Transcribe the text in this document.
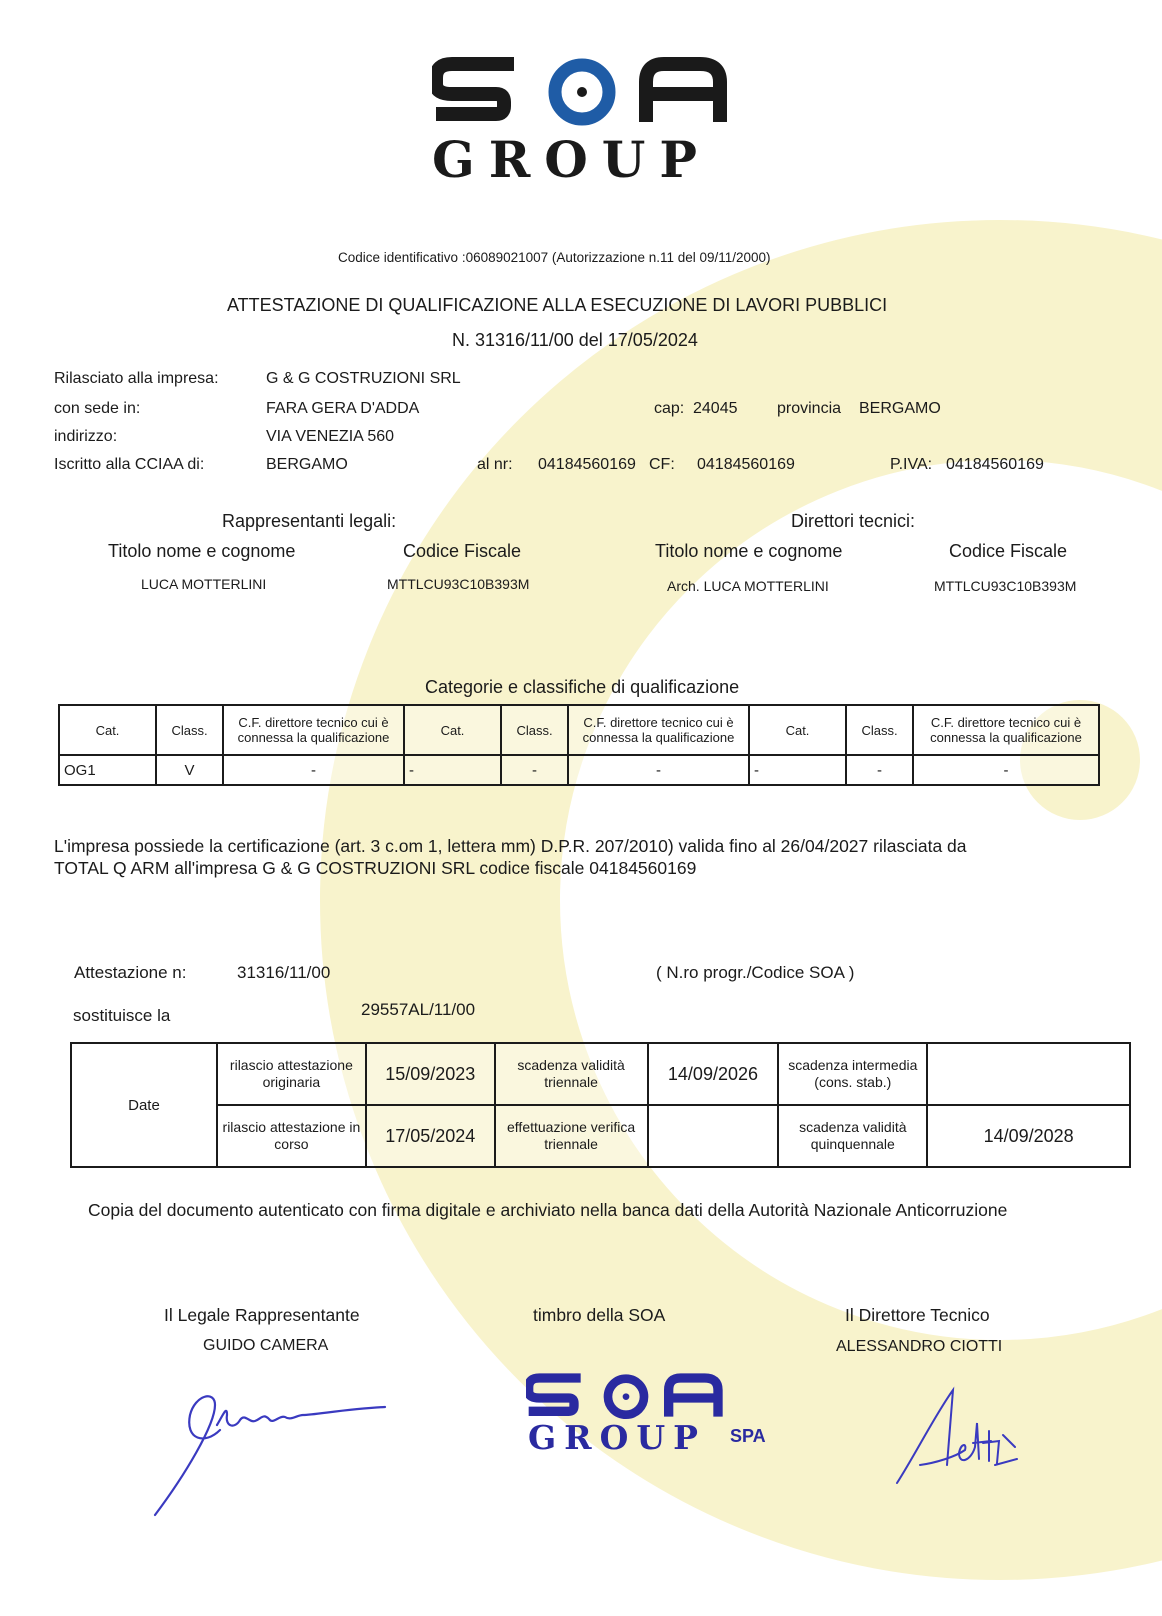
GROUP
Codice identificativo :06089021007 (Autorizzazione n.11 del 09/11/2000)
ATTESTAZIONE DI QUALIFICAZIONE ALLA ESECUZIONE DI LAVORI PUBBLICI
N. 31316/11/00 del 17/05/2024
Rilasciato alla impresa:	G & G COSTRUZIONI SRL
con sede in:	FARA GERA D'ADDA	cap: 24045 provincia BERGAMO
indirizzo:	VIA VENEZIA 560
Iscritto alla CCIAA di:	BERGAMO	al nr: 04184560169 CF: 04184560169	P.IVA: 04184560169
Rappresentanti legali:	Direttori tecnici:
Titolo nome e cognome	Codice Fiscale	Titolo nome e cognome	Codice Fiscale
LUCA MOTTERLINI	MTTLCU93C10B393M	Arch. LUCA MOTTERLINI	MTTLCU93C10B393M
Categorie e classifiche di qualificazione
Cat.	Class.	C.F. direttore tecnico cui è connessa la qualificazione	Cat.	Class.	C.F. direttore tecnico cui è connessa la qualificazione	Cat.	Class.	C.F. direttore tecnico cui è connessa la qualificazione
OG1	V	-	-	-	-	-	-	-
L'impresa possiede la certificazione (art. 3 c.om 1, lettera mm) D.P.R. 207/2010) valida fino al 26/04/2027 rilasciata da
TOTAL Q ARM all'impresa G & G COSTRUZIONI SRL codice fiscale 04184560169
Attestazione n:	31316/11/00	( N.ro progr./Codice SOA )
sostituisce la	29557AL/11/00
Date	rilascio attestazione originaria	15/09/2023	scadenza validità triennale	14/09/2026	scadenza intermedia (cons. stab.)	
	rilascio attestazione in corso	17/05/2024	effettuazione verifica triennale		scadenza validità quinquennale	14/09/2028
Copia del documento autenticato con firma digitale e archiviato nella banca dati della Autorità Nazionale Anticorruzione
Il Legale Rappresentante
GUIDO CAMERA
timbro della SOA	Il Direttore Tecnico
ALESSANDRO CIOTTI
GROUP SPA
